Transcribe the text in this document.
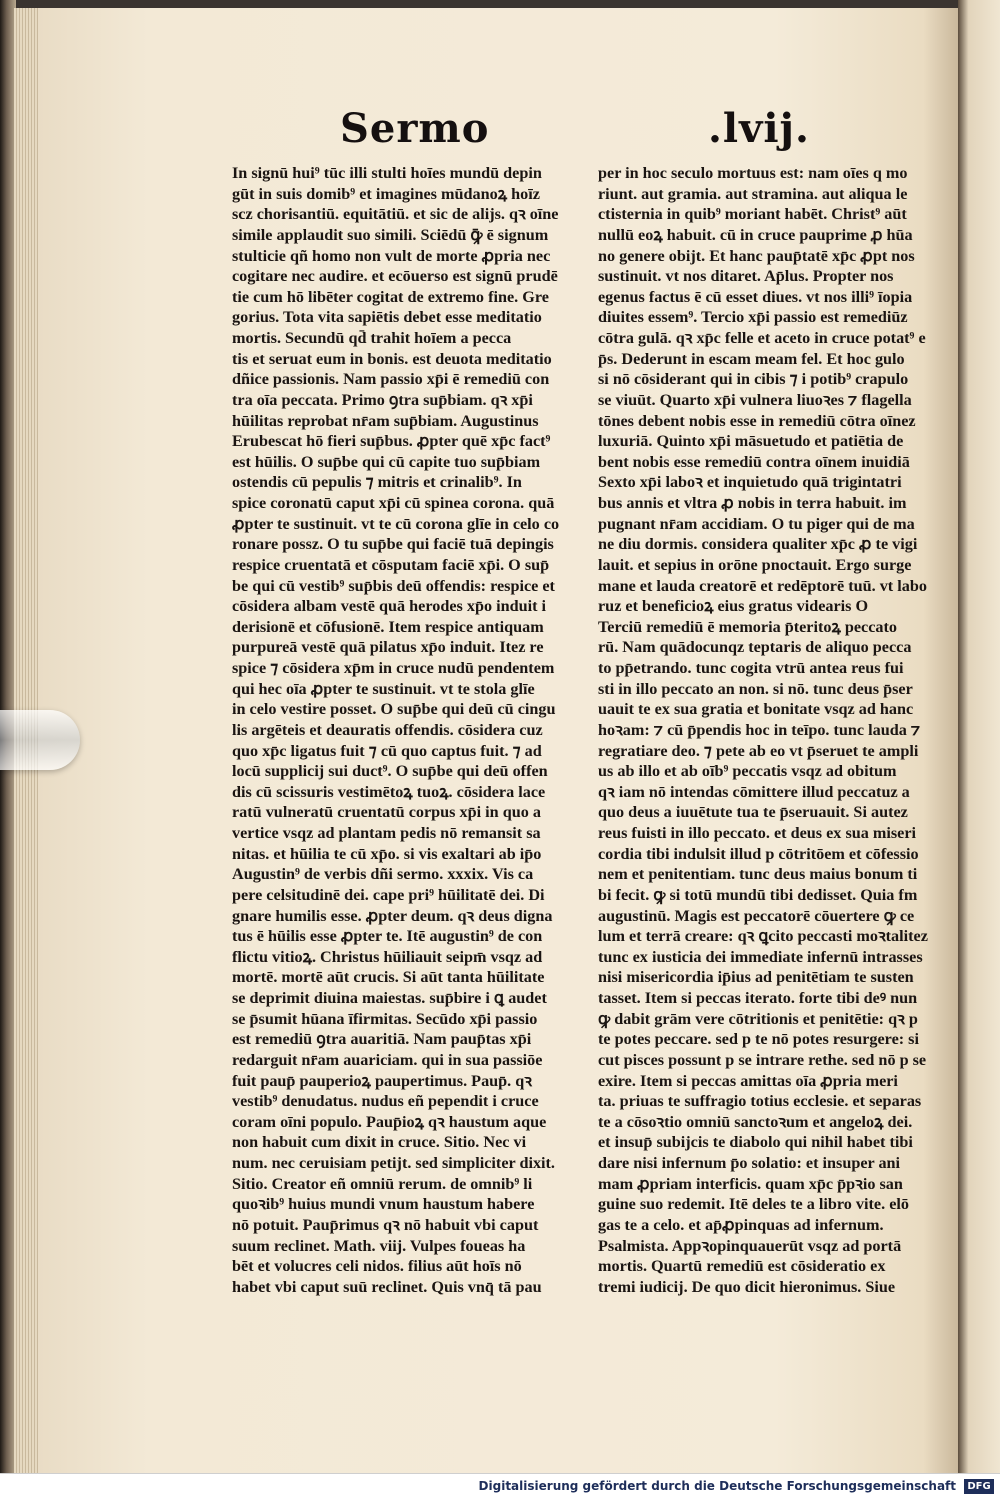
Sermo	.lvij.
In signū hui⁹ tūc illi stulti hoīes mundū depin
gūt in suis domib⁹ et imagines mūdanoꝝ hoīz
scz chorisantiū. equitātiū. et sic de alijs. qꝛ oīne
simile applaudit suo simili. Sciēdū ꝙ̄ ē signum
stulticie qñ homo non vult de morte ꝓpria nec
cogitare nec audire. et ecōuerso est signū prudē
tie cum hō libēter cogitat de extremo fine. Gre
gorius. Tota vita sapiētis debet esse meditatio
mortis. Secundū qd̄ trahit hoīem a pecca
tis et seruat eum in bonis. est deuota meditatio
dñice passionis. Nam passio xp̄i ē remediū con
tra oīa peccata. Primo ꝯtra sup̄biam. qꝛ xp̄i
hūilitas reprobat nr̄am sup̄biam. Augustinus
Erubescat hō fieri sup̄bus. ꝓpter quē xp̄c fact⁹
est hūilis. O sup̄be qui cū capite tuo sup̄biam
ostendis cū pepulis ⁊ mitris et crinalib⁹. In
spice coronatū caput xp̄i cū spinea corona. quā
ꝓpter te sustinuit. vt te cū corona glīe in celo co
ronare possz. O tu sup̄be qui faciē tuā depingis
respice cruentatā et cōsputam faciē xp̄i. O sup̄
be qui cū vestib⁹ sup̄bis deū offendis: respice et
cōsidera albam vestē quā herodes xp̄o induit i
derisionē et cōfusionē. Item respice antiquam
purpureā vestē quā pilatus xp̄o induit. Itez re
spice ⁊ cōsidera xp̄m in cruce nudū pendentem
qui hec oīa ꝓpter te sustinuit. vt te stola glīe
in celo vestire posset. O sup̄be qui deū cū cingu
lis argēteis et deauratis offendis. cōsidera cuz
quo xp̄c ligatus fuit ⁊ cū quo captus fuit. ⁊ ad
locū supplicij sui duct⁹. O sup̄be qui deū offen
dis cū scissuris vestimētoꝝ tuoꝝ. cōsidera lace
ratū vulneratū cruentatū corpus xp̄i in quo a
vertice vsqz ad plantam pedis nō remansit sa
nitas. et hūilia te cū xp̄o. si vis exaltari ab ip̄o
Augustin⁹ de verbis dñi sermo. xxxix. Vis ca
pere celsitudinē dei. cape pri⁹ hūilitatē dei. Di
gnare humilis esse. ꝓpter deum. qꝛ deus digna
tus ē hūilis esse ꝓpter te. Itē augustin⁹ de con
flictu vitioꝝ. Christus hūiliauit seipm̄ vsqz ad
mortē. mortē aūt crucis. Si aūt tanta hūilitate
se deprimit diuina maiestas. sup̄bire i ꝗ audet
se p̄sumit hūana īfirmitas. Secūdo xp̄i passio
est remediū ꝯtra auaritiā. Nam paup̄tas xp̄i
redarguit nr̄am auariciam. qui in sua passiōe
fuit paup̄ pauperioꝝ paupertimus. Paup̄. qꝛ
vestib⁹ denudatus. nudus eñ pependit i cruce
coram oīni populo. Paup̄ioꝝ qꝛ haustum aque
non habuit cum dixit in cruce. Sitio. Nec vi
num. nec ceruisiam petijt. sed simpliciter dixit.
Sitio. Creator eñ omniū rerum. de omnib⁹ li
quoꝛib⁹ huius mundi vnum haustum habere
nō potuit. Paup̄rimus qꝛ nō habuit vbi caput
suum reclinet. Math. viij. Vulpes foueas ha
bēt et volucres celi nidos. filius aūt hoīs nō
habet vbi caput suū reclinet. Quis vnq̄ tā pau
per in hoc seculo mortuus est: nam oīes q mo
riunt. aut gramia. aut stramina. aut aliqua le
ctisternia in quib⁹ moriant habēt. Christ⁹ aūt
nullū eoꝝ habuit. cū in cruce pauprime ꝓ hūa
no genere obijt. Et hanc paup̄tatē xp̄c ꝓpt nos
sustinuit. vt nos ditaret. Ap̄lus. Propter nos
egenus factus ē cū esset diues. vt nos illi⁹ īopia
diuites essem⁹. Tercio xp̄i passio est remediūz
cōtra gulā. qꝛ xp̄c felle et aceto in cruce potat⁹ e
p̄s. Dederunt in escam meam fel. Et hoc gulo
si nō cōsiderant qui in cibis ⁊ i potib⁹ crapulo
se viuūt. Quarto xp̄i vulnera liuoꝛes ⁊ flagella
tōnes debent nobis esse in remediū cōtra oīnez
luxuriā. Quinto xp̄i māsuetudo et patiētia de
bent nobis esse remediū contra oīnem inuidiā
Sexto xp̄i laboꝛ et inquietudo quā trigintatri
bus annis et vltra ꝓ nobis in terra habuit. im
pugnant nr̄am accidiam. O tu piger qui de ma
ne diu dormis. considera qualiter xp̄c ꝓ te vigi
lauit. et sepius in orōne pnoctauit. Ergo surge
mane et lauda creatorē et redēptorē tuū. vt labo
ruz et beneficioꝝ eius gratus videaris O
Terciū remediū ē memoria p̄teritoꝝ peccato
rū. Nam quādocunqz teptaris de aliquo pecca
to pp̄etrando. tunc cogita vtrū antea reus fui
sti in illo peccato an non. si nō. tunc deus p̄ser
uauit te ex sua gratia et bonitate vsqz ad hanc
hoꝛam: ⁊ cū p̄pendis hoc in teīpo. tunc lauda ⁊
regratiare deo. ⁊ pete ab eo vt p̄seruet te ampli
us ab illo et ab oīb⁹ peccatis vsqz ad obitum
qꝛ iam nō intendas cōmittere illud peccatuz a
quo deus a iuuētute tua te p̄seruauit. Si autez
reus fuisti in illo peccato. et deus ex sua miseri
cordia tibi indulsit illud p cōtritōem et cōfessio
nem et penitentiam. tunc deus maius bonum ti
bi fecit. ꝙ si totū mundū tibi dedisset. Quia fm
augustinū. Magis est peccatorē cōuertere ꝙ ce
lum et terrā creare: qꝛ ꝗcito peccasti moꝛtalitez
tunc ex iusticia dei immediate infernū intrasses
nisi misericordia ip̄ius ad penitētiam te susten
tasset. Item si peccas iterato. forte tibi deꝰ nun
ꝙ dabit grām vere cōtritionis et penitētie: qꝛ p
te potes peccare. sed p te nō potes resurgere: si
cut pisces possunt p se intrare rethe. sed nō p se
exire. Item si peccas amittas oīa ꝓpria meri
ta. priuas te suffragio totius ecclesie. et separas
te a cōsoꝛtio omniū sanctoꝛum et angeloꝝ dei.
et insup̄ subijcis te diabolo qui nihil habet tibi
dare nisi infernum p̄o solatio: et insuper ani
mam ꝓpriam interficis. quam xp̄c p̄pꝛio san
guine suo redemit. Itē deles te a libro vite. elō
gas te a celo. et ap̄ꝓpinquas ad infernum.
Psalmista. Appꝛopinquauerūt vsqz ad portā
mortis. Quartū remediū est cōsideratio ex
tremi iudicij. De quo dicit hieronimus. Siue
Digitalisierung gefördert durch die Deutsche Forschungsgemeinschaft	DFG
